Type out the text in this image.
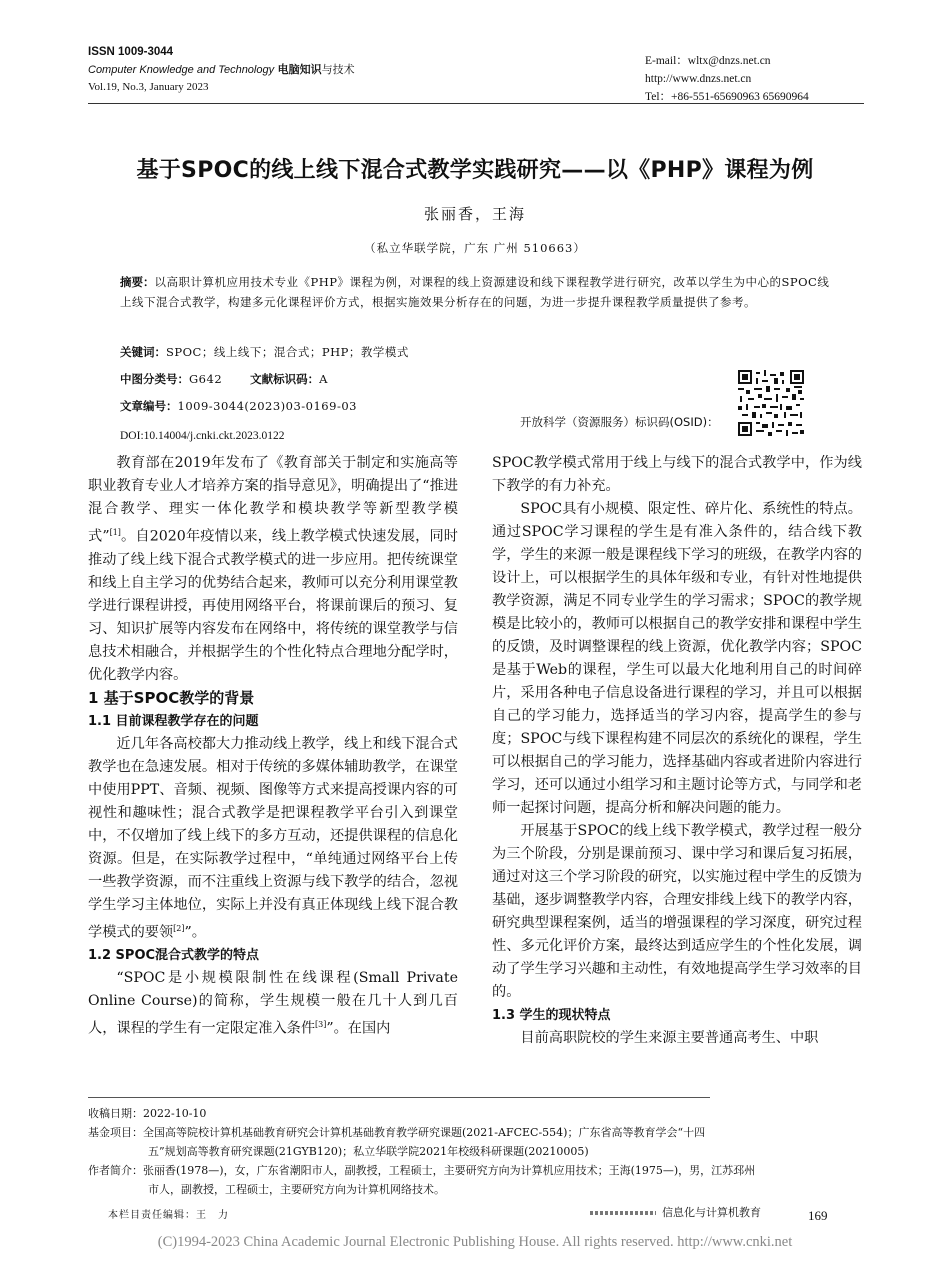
ISSN 1009-3044
Computer Knowledge and Technology 电脑知识与技术
Vol.19, No.3, January 2023
E-mail：wltx@dnzs.net.cn
http://www.dnzs.net.cn
Tel：+86-551-65690963 65690964
基于SPOC的线上线下混合式教学实践研究——以《PHP》课程为例
张丽香，王海
（私立华联学院，广东 广州 510663）
摘要：以高职计算机应用技术专业《PHP》课程为例，对课程的线上资源建设和线下课程教学进行研究，改革以学生为中心的SPOC线上线下混合式教学，构建多元化课程评价方式，根据实施效果分析存在的问题，为进一步提升课程教学质量提供了参考。
关键词：SPOC；线上线下；混合式；PHP；教学模式
中图分类号：G642 文献标识码：A
文章编号：1009-3044(2023)03-0169-03
开放科学（资源服务）标识码(OSID)：
DOI:10.14004/j.cnki.ckt.2023.0122

教育部在2019年发布了《教育部关于制定和实施高等职业教育专业人才培养方案的指导意见》，明确提出了“推进混合教学、理实一体化教学和模块教学等新型教学模式”[1]。自2020年疫情以来，线上教学模式快速发展，同时推动了线上线下混合式教学模式的进一步应用。把传统课堂和线上自主学习的优势结合起来，教师可以充分利用课堂教学进行课程讲授，再使用网络平台，将课前课后的预习、复习、知识扩展等内容发布在网络中，将传统的课堂教学与信息技术相融合，并根据学生的个性化特点合理地分配学时，优化教学内容。

1 基于SPOC教学的背景

1.1 目前课程教学存在的问题

近几年各高校都大力推动线上教学，线上和线下混合式教学也在急速发展。相对于传统的多媒体辅助教学，在课堂中使用PPT、音频、视频、图像等方式来提高授课内容的可视性和趣味性；混合式教学是把课程教学平台引入到课堂中，不仅增加了线上线下的多方互动，还提供课程的信息化资源。但是，在实际教学过程中，“单纯通过网络平台上传一些教学资源，而不注重线上资源与线下教学的结合，忽视学生学习主体地位，实际上并没有真正体现线上线下混合教学模式的要领[2]”。

1.2 SPOC混合式教学的特点

“SPOC是小规模限制性在线课程(Small Private Online Course)的简称，学生规模一般在几十人到几百人，课程的学生有一定限定准入条件[3]”。在国内

SPOC教学模式常用于线上与线下的混合式教学中，作为线下教学的有力补充。

SPOC具有小规模、限定性、碎片化、系统性的特点。通过SPOC学习课程的学生是有准入条件的，结合线下教学，学生的来源一般是课程线下学习的班级，在教学内容的设计上，可以根据学生的具体年级和专业，有针对性地提供教学资源，满足不同专业学生的学习需求；SPOC的教学规模是比较小的，教师可以根据自己的教学安排和课程中学生的反馈，及时调整课程的线上资源，优化教学内容；SPOC是基于Web的课程，学生可以最大化地利用自己的时间碎片，采用各种电子信息设备进行课程的学习，并且可以根据自己的学习能力，选择适当的学习内容，提高学生的参与度；SPOC与线下课程构建不同层次的系统化的课程，学生可以根据自己的学习能力，选择基础内容或者进阶内容进行学习，还可以通过小组学习和主题讨论等方式，与同学和老师一起探讨问题，提高分析和解决问题的能力。

开展基于SPOC的线上线下教学模式，教学过程一般分为三个阶段，分别是课前预习、课中学习和课后复习拓展，通过对这三个学习阶段的研究，以实施过程中学生的反馈为基础，逐步调整教学内容，合理安排线上线下的教学内容，研究典型课程案例，适当的增强课程的学习深度，研究过程性、多元化评价方案，最终达到适应学生的个性化发展，调动了学生学习兴趣和主动性，有效地提高学生学习效率的目的。

1.3 学生的现状特点

目前高职院校的学生来源主要普通高考生、中职

收稿日期：2022-10-10
基金项目：全国高等院校计算机基础教育研究会计算机基础教育教学研究课题(2021-AFCEC-554)；广东省高等教育学会“十四
五”规划高等教育研究课题(21GYB120)；私立华联学院2021年校级科研课题(20210005)
作者简介：张丽香(1978—)，女，广东省潮阳市人，副教授，工程硕士，主要研究方向为计算机应用技术；王海(1975—)，男，江苏邳州
市人，副教授，工程硕士，主要研究方向为计算机网络技术。
本栏目责任编辑：王　力	信息化与计算机教育	169
(C)1994-2023 China Academic Journal Electronic Publishing House. All rights reserved. http://www.cnki.net
